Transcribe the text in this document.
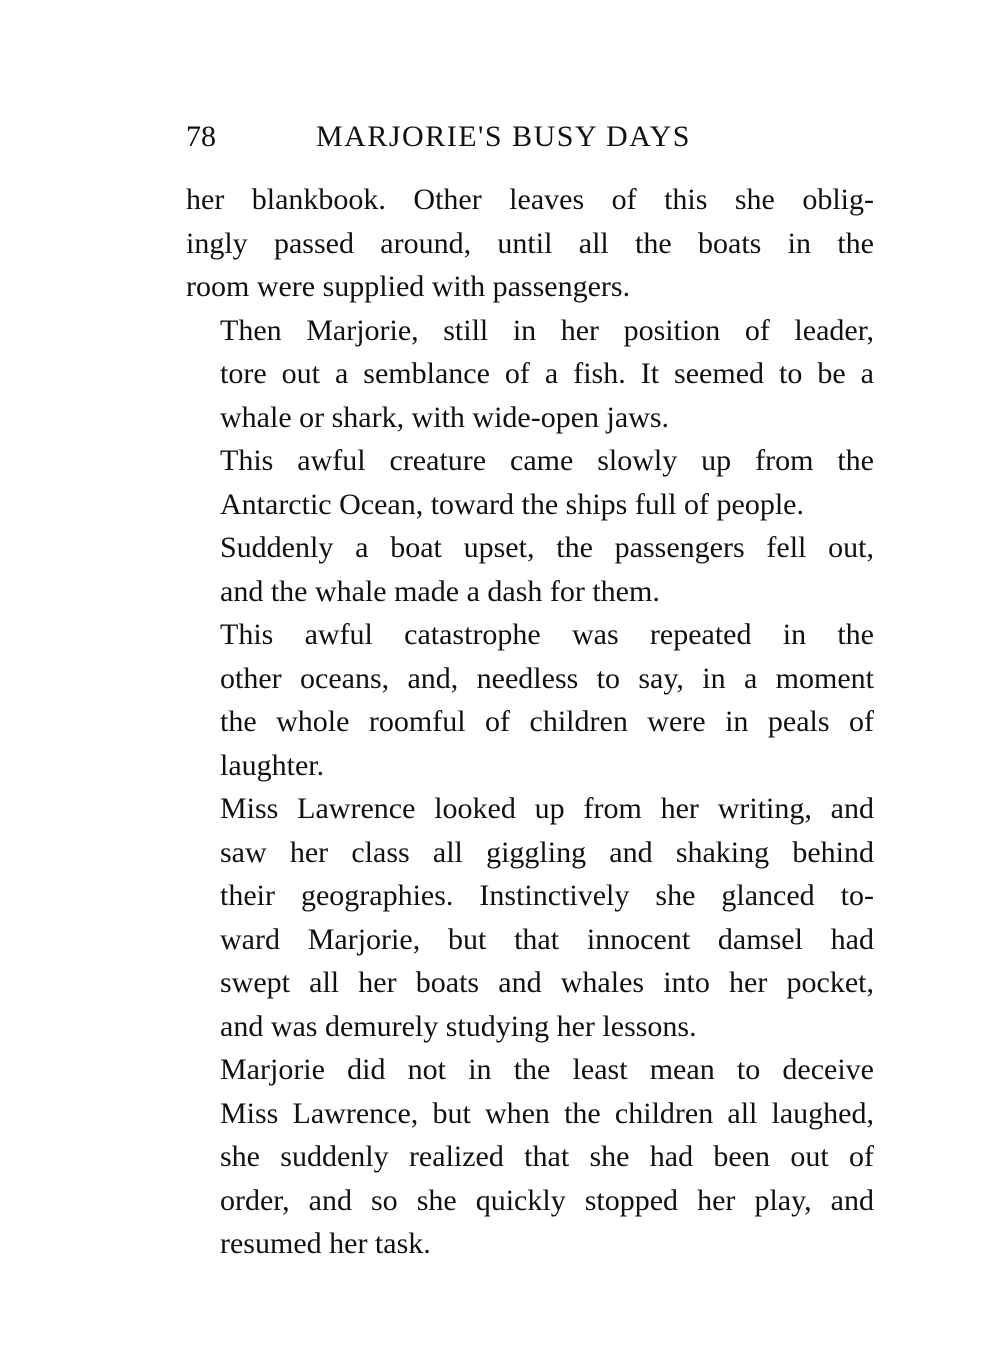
78	MARJORIE'S BUSY DAYS

her blankbook. Other leaves of this she oblig-
ingly passed around, until all the boats in the
room were supplied with passengers.

Then Marjorie, still in her position of leader,
tore out a semblance of a fish. It seemed to be a
whale or shark, with wide-open jaws.

This awful creature came slowly up from the
Antarctic Ocean, toward the ships full of people.

Suddenly a boat upset, the passengers fell out,
and the whale made a dash for them.

This awful catastrophe was repeated in the
other oceans, and, needless to say, in a moment
the whole roomful of children were in peals of
laughter.

Miss Lawrence looked up from her writing, and
saw her class all giggling and shaking behind
their geographies. Instinctively she glanced to-
ward Marjorie, but that innocent damsel had
swept all her boats and whales into her pocket,
and was demurely studying her lessons.

Marjorie did not in the least mean to deceive
Miss Lawrence, but when the children all laughed,
she suddenly realized that she had been out of
order, and so she quickly stopped her play, and
resumed her task.
